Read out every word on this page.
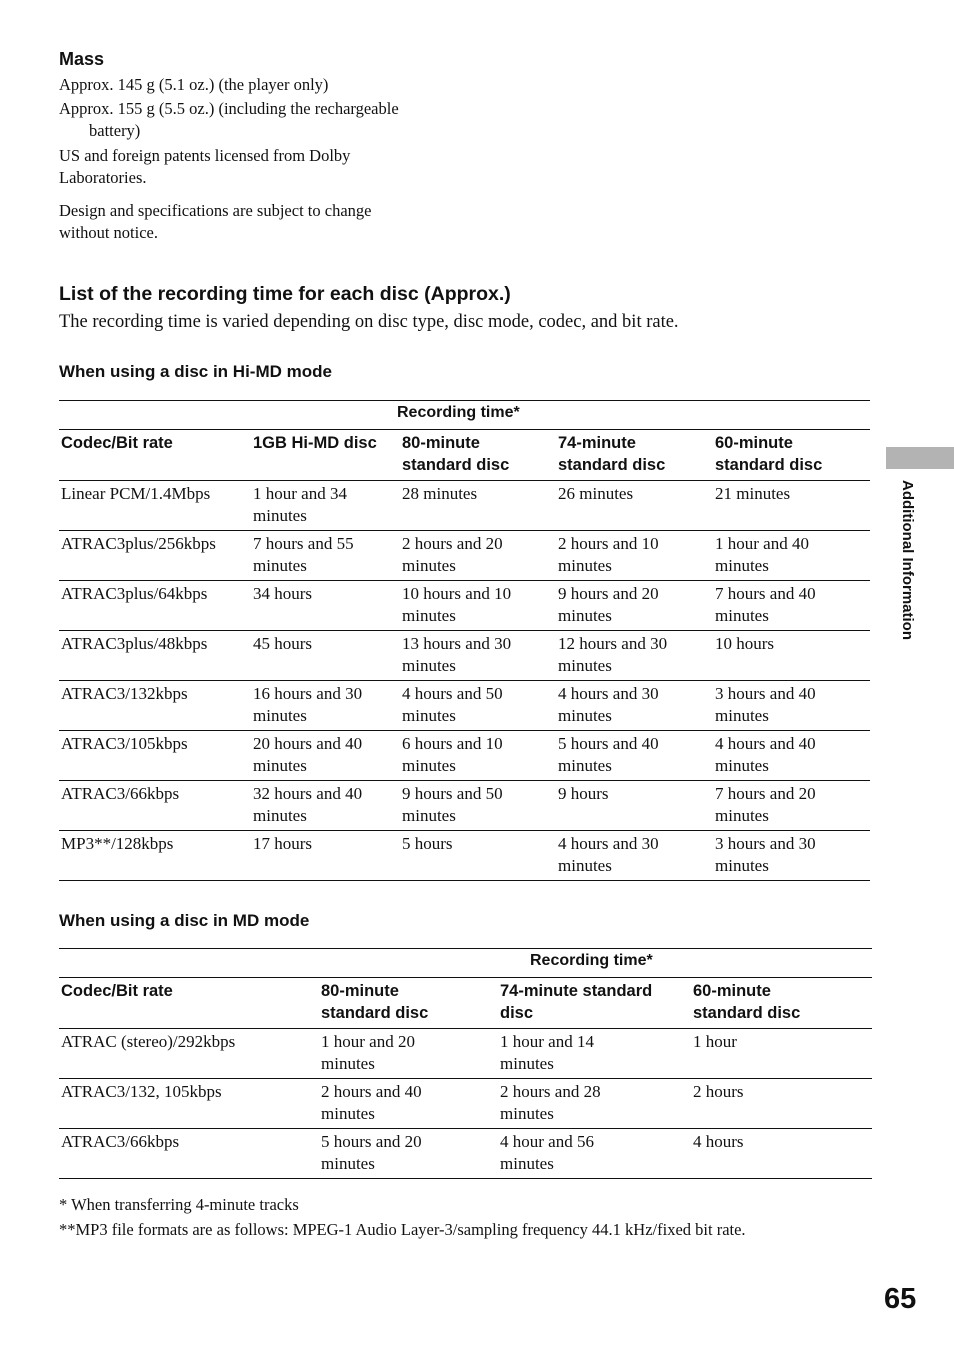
Mass
Approx. 145 g (5.1 oz.) (the player only)
Approx. 155 g (5.5 oz.) (including the rechargeable
battery)
US and foreign patents licensed from Dolby Laboratories.
Design and specifications are subject to change without notice.
List of the recording time for each disc (Approx.)
The recording time is varied depending on disc type, disc mode, codec, and bit rate.
When using a disc in Hi-MD mode
	Recording time*			
Codec/Bit rate	1GB Hi-MD disc	80-minute standard disc	74-minute standard disc	60-minute standard disc
Linear PCM/1.4Mbps	1 hour and 34 minutes	28 minutes	26 minutes	21 minutes
ATRAC3plus/256kbps	7 hours and 55 minutes	2 hours and 20 minutes	2 hours and 10 minutes	1 hour and 40 minutes
ATRAC3plus/64kbps	34 hours	10 hours and 10 minutes	9 hours and 20 minutes	7 hours and 40 minutes
ATRAC3plus/48kbps	45 hours	13 hours and 30 minutes	12 hours and 30 minutes	10 hours
ATRAC3/132kbps	16 hours and 30 minutes	4 hours and 50 minutes	4 hours and 30 minutes	3 hours and 40 minutes
ATRAC3/105kbps	20 hours and 40 minutes	6 hours and 10 minutes	5 hours and 40 minutes	4 hours and 40 minutes
ATRAC3/66kbps	32 hours and 40 minutes	9 hours and 50 minutes	9 hours	7 hours and 20 minutes
MP3**/128kbps	17 hours	5 hours	4 hours and 30 minutes	3 hours and 30 minutes
When using a disc in MD mode
	Recording time*		
Codec/Bit rate	80-minute standard disc	74-minute standard disc	60-minute standard disc
ATRAC (stereo)/292kbps	1 hour and 20 minutes	1 hour and 14 minutes	1 hour
ATRAC3/132, 105kbps	2 hours and 40 minutes	2 hours and 28 minutes	2 hours
ATRAC3/66kbps	5 hours and 20 minutes	4 hour and 56 minutes	4 hours
* When transferring 4-minute tracks
**MP3 file formats are as follows: MPEG-1 Audio Layer-3/sampling frequency 44.1 kHz/fixed bit rate.
Additional Information
65
